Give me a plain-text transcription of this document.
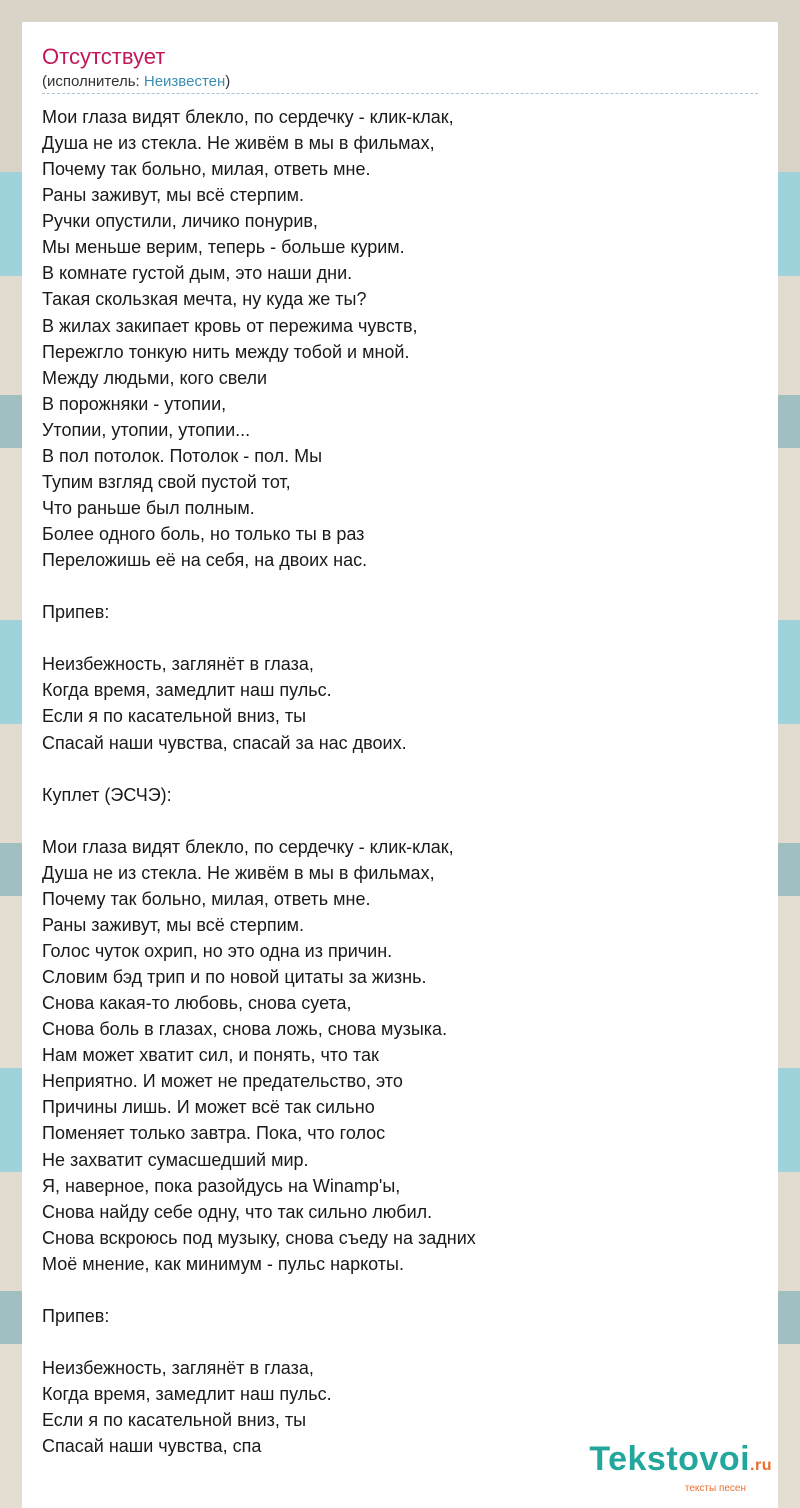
Отсутствует
(исполнитель: Неизвестен)
Мои глаза видят блекло, по сердечку - клик-клак,
Душа не из стекла. Не живём в мы в фильмах,
Почему так больно, милая, ответь мне.
Раны заживут, мы всё стерпим.
Ручки опустили, личико понурив,
Мы меньше верим, теперь - больше курим.
В комнате густой дым, это наши дни.
Такая скользкая мечта, ну куда же ты?
В жилах закипает кровь от пережима чувств,
Пережгло тонкую нить между тобой и мной.
Между людьми, кого свели
В порожняки - утопии,
Утопии, утопии, утопии...
В пол потолок. Потолок - пол. Мы
Тупим взгляд свой пустой тот,
Что раньше был полным.
Более одного боль, но только ты в раз
Переложишь её на себя, на двоих нас.

Припев:

Неизбежность, заглянёт в глаза,
Когда время, замедлит наш пульс.
Если я по касательной вниз, ты
Спасай наши чувства, спасай за нас двоих.

Куплет (ЭСЧЭ):

Мои глаза видят блекло, по сердечку - клик-клак,
Душа не из стекла. Не живём в мы в фильмах,
Почему так больно, милая, ответь мне.
Раны заживут, мы всё стерпим.
Голос чуток охрип, но это одна из причин.
Словим бэд трип и по новой цитаты за жизнь.
Снова какая-то любовь, снова суета,
Снова боль в глазах, снова ложь, снова музыка.
Нам может хватит сил, и понять, что так
Неприятно. И может не предательство, это
Причины лишь. И может всё так сильно
Поменяет только завтра. Пока, что голос
Не захватит сумасшедший мир.
Я, наверное, пока разойдусь на Winamp'ы,
Снова найду себе одну, что так сильно любил.
Снова вскроюсь под музыку, снова съеду на задних
Моё мнение, как минимум - пульс наркоты.

Припев:

Неизбежность, заглянёт в глаза,
Когда время, замедлит наш пульс.
Если я по касательной вниз, ты
Спасай наши чувства, спа	Tekstovoi.ru
тексты песен
